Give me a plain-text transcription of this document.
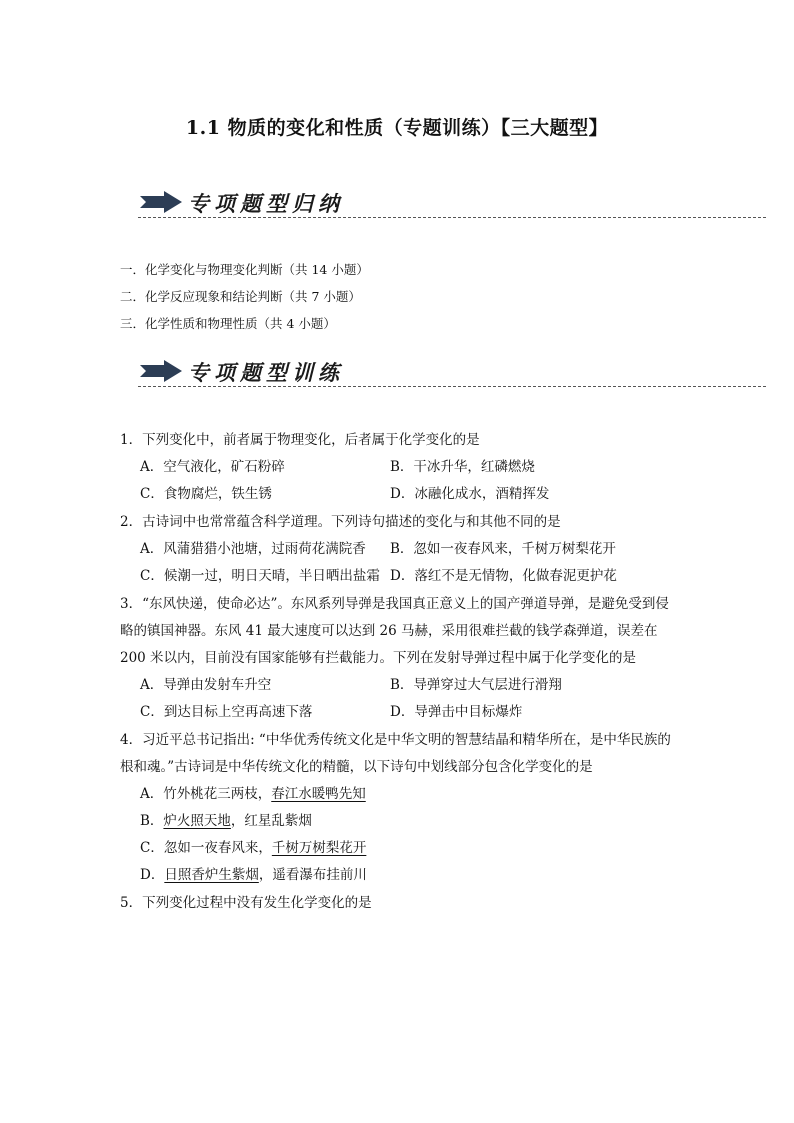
1.1 物质的变化和性质（专题训练）【三大题型】
专项题型归纳
一．化学变化与物理变化判断（共 14 小题）
二．化学反应现象和结论判断（共 7 小题）
三．化学性质和物理性质（共 4 小题）
专项题型训练

1．下列变化中，前者属于物理变化，后者属于化学变化的是

A．空气液化，矿石粉碎	B．干冰升华，红磷燃烧
C．食物腐烂，铁生锈	D．冰融化成水，酒精挥发

2．古诗词中也常常蕴含科学道理。下列诗句描述的变化与和其他不同的是

A．风蒲猎猎小池塘，过雨荷花满院香	B．忽如一夜春风来，千树万树梨花开
C．候潮一过，明日天晴，半日晒出盐霜 D．落红不是无情物，化做春泥更护花

3．“东风快递，使命必达”。东风系列导弹是我国真正意义上的国产弹道导弹，是避免受到侵略的镇国神器。东风 41 最大速度可以达到 26 马赫，采用很难拦截的钱学森弹道，误差在 200 米以内，目前没有国家能够有拦截能力。下列在发射导弹过程中属于化学变化的是

A．导弹由发射车升空	B．导弹穿过大气层进行滑翔
C．到达目标上空再高速下落	D．导弹击中目标爆炸

4．习近平总书记指出: “中华优秀传统文化是中华文明的智慧结晶和精华所在，是中华民族的根和魂。”古诗词是中华传统文化的精髓，以下诗句中划线部分包含化学变化的是

A．竹外桃花三两枝，春江水暖鸭先知
B．炉火照天地，红星乱紫烟
C．忽如一夜春风来，千树万树梨花开
D．日照香炉生紫烟，遥看瀑布挂前川

5．下列变化过程中没有发生化学变化的是
